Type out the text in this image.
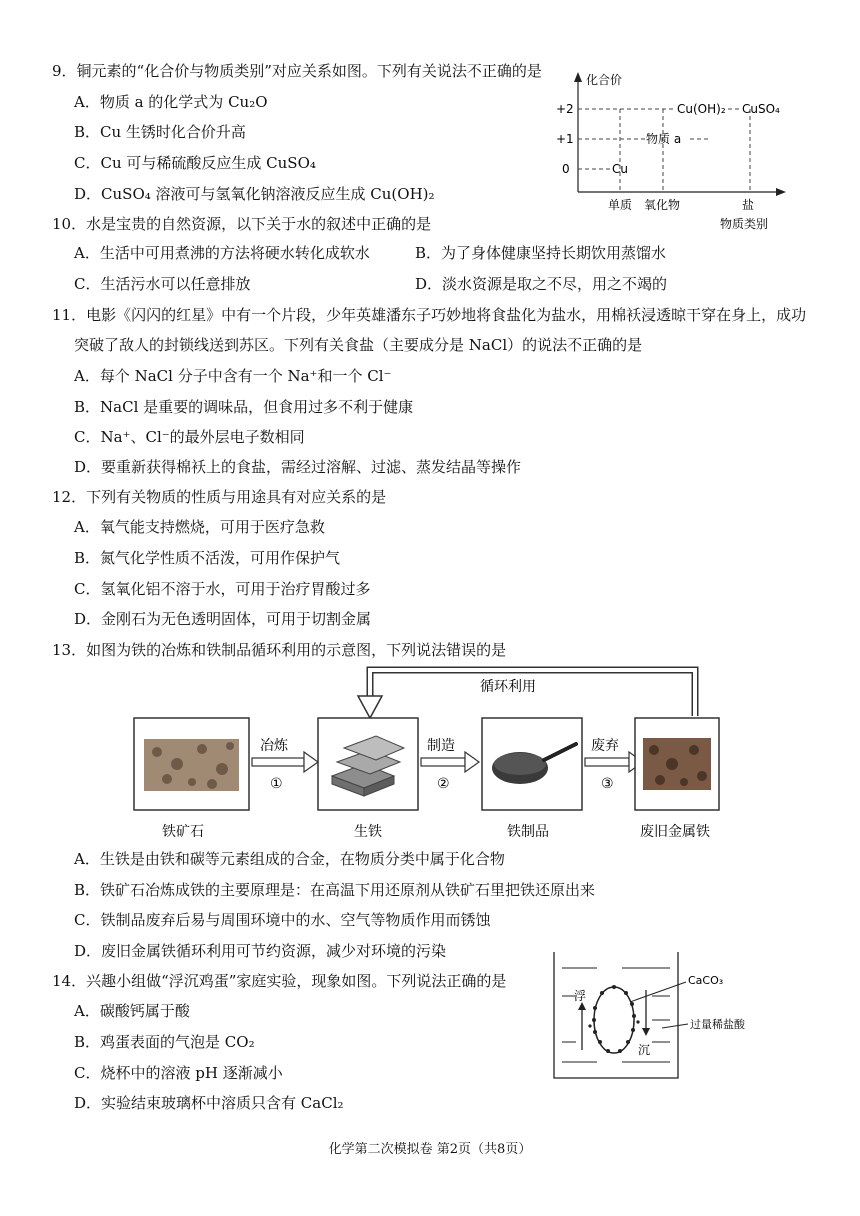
9．铜元素的“化合价与物质类别”对应关系如图。下列有关说法不正确的是
A．物质 a 的化学式为 Cu₂O
B．Cu 生锈时化合价升高
C．Cu 可与稀硫酸反应生成 CuSO₄
D．CuSO₄ 溶液可与氢氧化钠溶液反应生成 Cu(OH)₂
化合价
+2
+1
0	Cu
物质 a
Cu(OH)₂ CuSO₄
单质 氧化物	盐
物质类别
10．水是宝贵的自然资源，以下关于水的叙述中正确的是
A．生活中可用煮沸的方法将硬水转化成软水	B．为了身体健康坚持长期饮用蒸馏水
C．生活污水可以任意排放	D．淡水资源是取之不尽，用之不竭的
11．电影《闪闪的红星》中有一个片段，少年英雄潘东子巧妙地将食盐化为盐水，用棉袄浸透晾干穿在身上，成功
突破了敌人的封锁线送到苏区。下列有关食盐（主要成分是 NaCl）的说法不正确的是
A．每个 NaCl 分子中含有一个 Na⁺和一个 Cl⁻
B．NaCl 是重要的调味品，但食用过多不利于健康
C．Na⁺、Cl⁻的最外层电子数相同
D．要重新获得棉袄上的食盐，需经过溶解、过滤、蒸发结晶等操作
12．下列有关物质的性质与用途具有对应关系的是
A．氧气能支持燃烧，可用于医疗急救
B．氮气化学性质不活泼，可用作保护气
C．氢氧化铝不溶于水，可用于治疗胃酸过多
D．金刚石为无色透明固体，可用于切割金属
13．如图为铁的冶炼和铁制品循环利用的示意图，下列说法错误的是
循环利用
冶炼
①
制造
②
废弃
③
铁矿石	生铁	铁制品	废旧金属铁
A．生铁是由铁和碳等元素组成的合金，在物质分类中属于化合物
B．铁矿石冶炼成铁的主要原理是：在高温下用还原剂从铁矿石里把铁还原出来
C．铁制品废弃后易与周围环境中的水、空气等物质作用而锈蚀
D．废旧金属铁循环利用可节约资源，减少对环境的污染
14．兴趣小组做“浮沉鸡蛋”家庭实验，现象如图。下列说法正确的是
A．碳酸钙属于酸
B．鸡蛋表面的气泡是 CO₂
C．烧杯中的溶液 pH 逐渐减小
D．实验结束玻璃杯中溶质只含有 CaCl₂
浮
沉
CaCO₃
过量稀盐酸
化学第二次模拟卷 第2页（共8页）
